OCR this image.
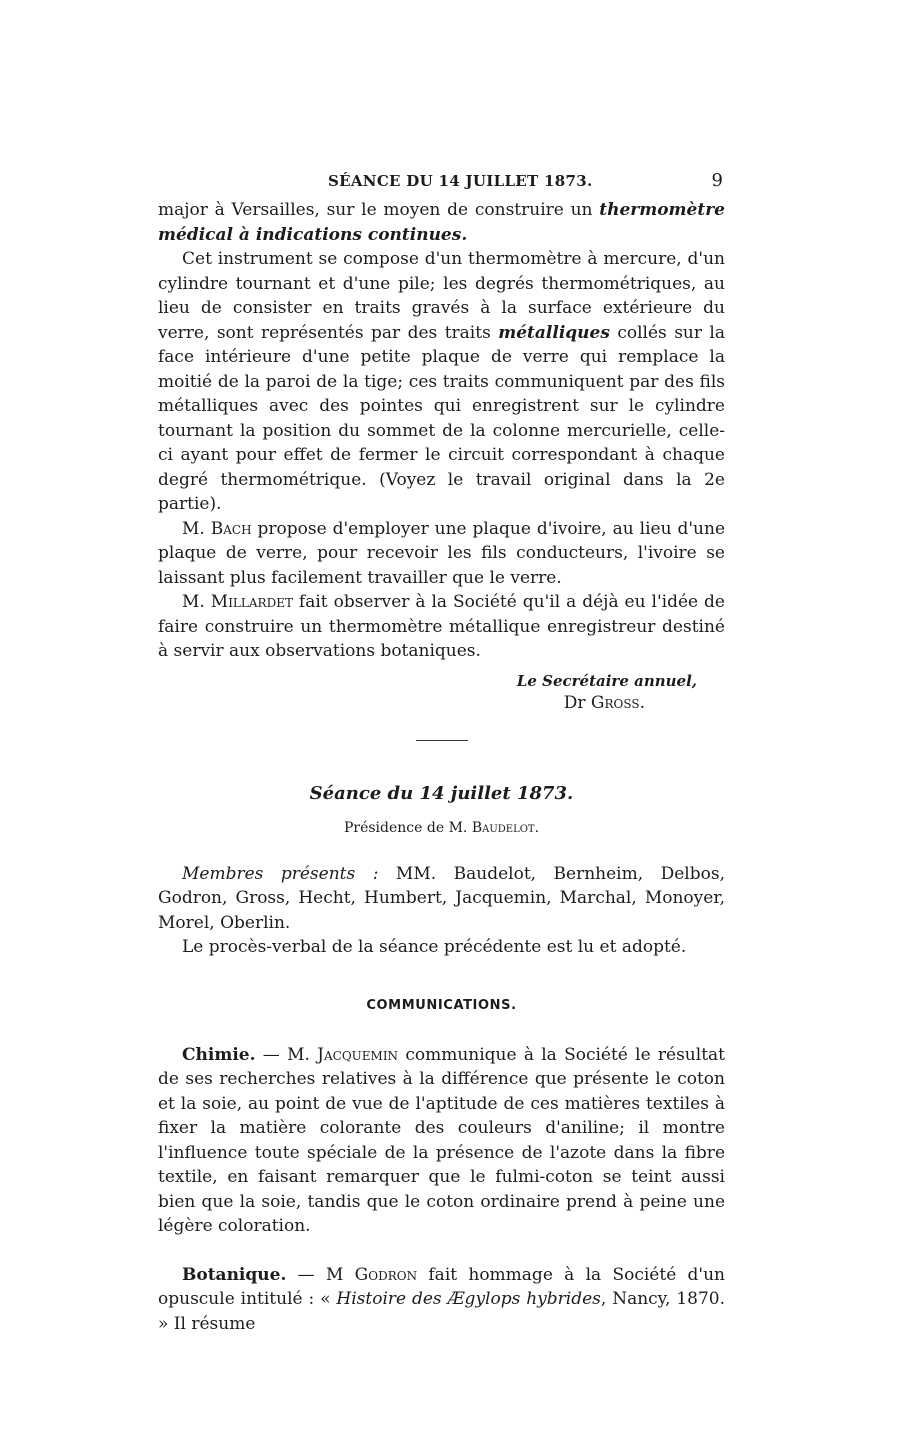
SÉANCE DU 14 JUILLET 1873.	9

major à Versailles, sur le moyen de construire un thermomètre médical à indications continues.

Cet instrument se compose d'un thermomètre à mercure, d'un cylindre tournant et d'une pile; les degrés thermométriques, au lieu de consister en traits gravés à la surface extérieure du verre, sont représentés par des traits métalliques collés sur la face intérieure d'une petite plaque de verre qui remplace la moitié de la paroi de la tige; ces traits communiquent par des fils métalliques avec des pointes qui enregistrent sur le cylindre tournant la position du sommet de la colonne mercurielle, celle-ci ayant pour effet de fermer le circuit correspondant à chaque degré thermométrique. (Voyez le travail original dans la 2e partie).

M. Bach propose d'employer une plaque d'ivoire, au lieu d'une plaque de verre, pour recevoir les fils conducteurs, l'ivoire se laissant plus facilement travailler que le verre.

M. Millardet fait observer à la Société qu'il a déjà eu l'idée de faire construire un thermomètre métallique enregistreur destiné à servir aux observations botaniques.

Le Secrétaire annuel,
Dr Gross.
Séance du 14 juillet 1873.
Présidence de M. Baudelot.

Membres présents : MM. Baudelot, Bernheim, Delbos, Godron, Gross, Hecht, Humbert, Jacquemin, Marchal, Monoyer, Morel, Oberlin.

Le procès-verbal de la séance précédente est lu et adopté.

COMMUNICATIONS.

Chimie. — M. Jacquemin communique à la Société le résultat de ses recherches relatives à la différence que présente le coton et la soie, au point de vue de l'aptitude de ces matières textiles à fixer la matière colorante des couleurs d'aniline; il montre l'influence toute spéciale de la présence de l'azote dans la fibre textile, en faisant remarquer que le fulmi-coton se teint aussi bien que la soie, tandis que le coton ordinaire prend à peine une légère coloration.

Botanique. — M Godron fait hommage à la Société d'un opuscule intitulé : « Histoire des Ægylops hybrides, Nancy, 1870. » Il résume
